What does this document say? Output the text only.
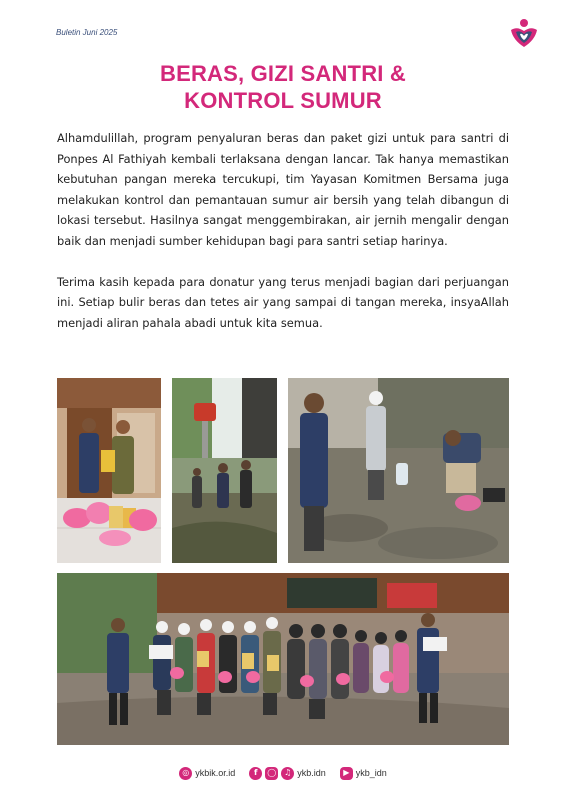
Buletin Juni 2025
BERAS, GIZI SANTRI &
KONTROL SUMUR

Alhamdulillah, program penyaluran beras dan paket gizi untuk para santri di Ponpes Al Fathiyah kembali terlaksana dengan lancar. Tak hanya memastikan kebutuhan pangan mereka tercukupi, tim Yayasan Komitmen Bersama juga melakukan kontrol dan pemantauan sumur air bersih yang telah dibangun di lokasi tersebut. Hasilnya sangat menggembirakan, air jernih mengalir dengan baik dan menjadi sumber kehidupan bagi para santri setiap harinya.

Terima kasih kepada para donatur yang terus menjadi bagian dari perjuangan ini. Setiap bulir beras dan tetes air yang sampai di tangan mereka, insyaAllah menjadi aliran pahala abadi untuk kita semua.

◎ ykbik.or.id	f	◯ ♫ ykb.idn	▶ ykb_idn
